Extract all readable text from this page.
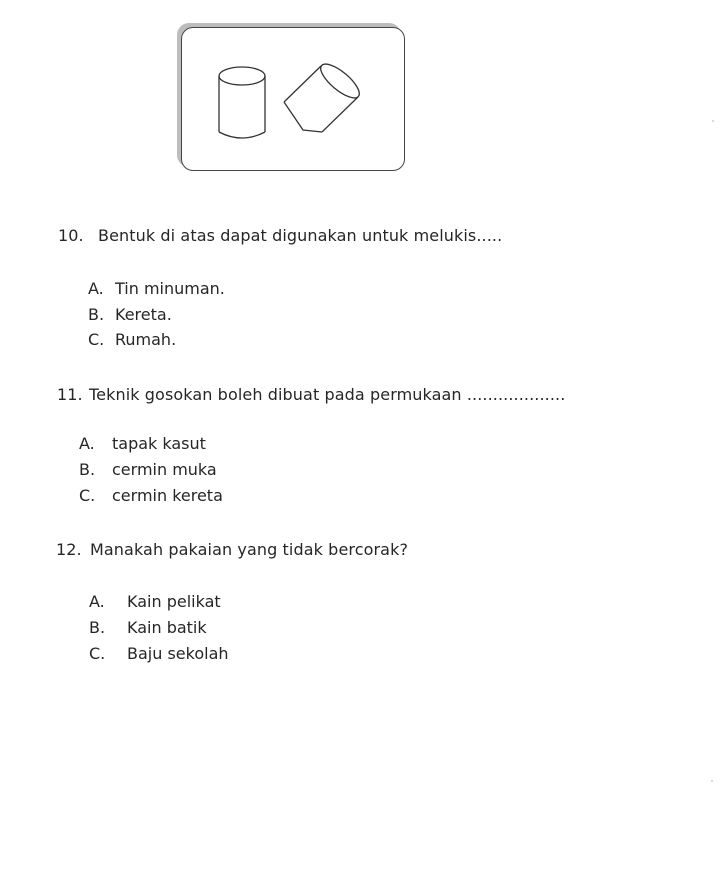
10. Bentuk di atas dapat digunakan untuk melukis.....
A. Tin minuman.
B. Kereta.
C. Rumah.
11. Teknik gosokan boleh dibuat pada permukaan ...................
A. tapak kasut
B. cermin muka
C. cermin kereta
12. Manakah pakaian yang tidak bercorak?
A. Kain pelikat
B. Kain batik
C. Baju sekolah
